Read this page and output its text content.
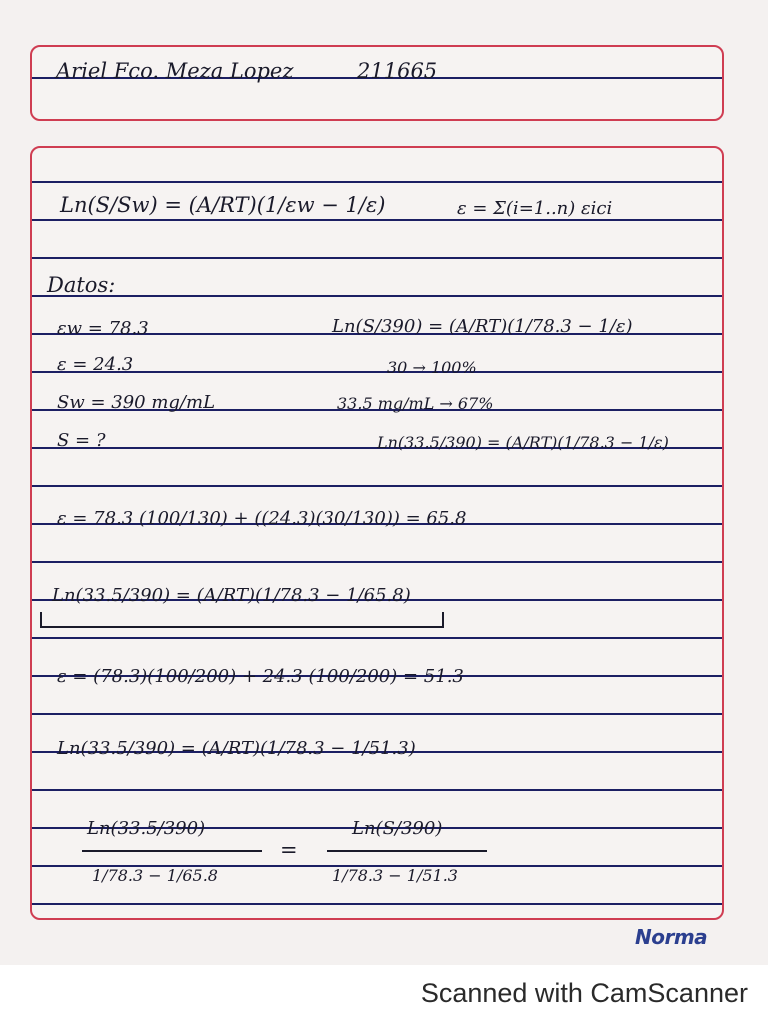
Ariel Fco. Meza Lopez	211665
Ln(S/Sw) = (A/RT)(1/εw − 1/ε)	ε = Σ(i=1..n) εici
Datos:
εw = 78.3
ε = 24.3
Sw = 390 mg/mL
S = ?
Ln(S/390) = (A/RT)(1/78.3 − 1/ε)
30 → 100%
33.5 mg/mL → 67%
Ln(33.5/390) = (A/RT)(1/78.3 − 1/ε)
ε = 78.3 (100/130) + ((24.3)(30/130)) = 65.8
Ln(33.5/390) = (A/RT)(1/78.3 − 1/65.8)
ε = (78.3)(100/200) + 24.3 (100/200) = 51.3
Ln(33.5/390) = (A/RT)(1/78.3 − 1/51.3)
Ln(33.5/390)
1/78.3 − 1/65.8
=
Ln(S/390)
1/78.3 − 1/51.3
Norma
Scanned with CamScanner
